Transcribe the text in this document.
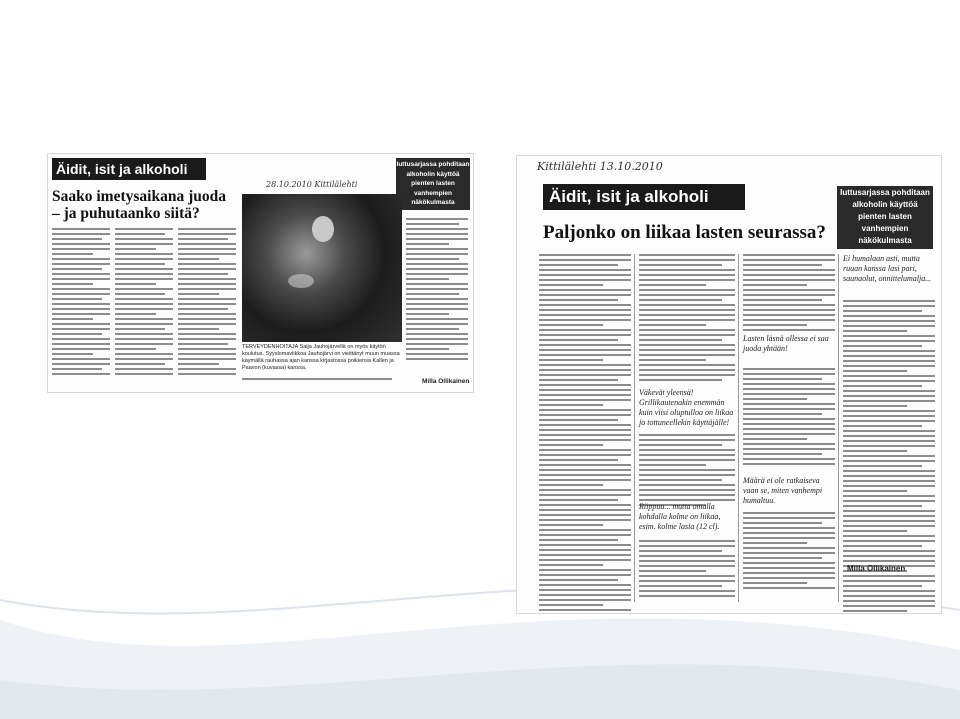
Äidit, isit ja alkoholi
Saako imetysaikana juoda
– ja puhutaanko siitä?
28.10.2010 Kittilälehti
Iuttusarjassa pohditaan
alkoholin käyttöä
pienten lasten
vanhempien
näkökulmasta
TERVEYDENHOITAJA Saija Jauhojärvellä on myös käytön koulutus. Syyslomaviikkoa Jauhojärvi on vieittänyt muun muassa käymällä rauhassa ajan kanssa kirjastossa poikiensa Kallen ja Paavon (kuvassa) kanssa.
Milla Ollikainen
Kittilälehti 13.10.2010
Äidit, isit ja alkoholi	Iuttusarjassa pohditaan
alkoholin käyttöä
pienten lasten
vanhempien
näkökulmasta
Paljonko on liikaa lasten seurassa?
Väkevät yleensä! Grillikautenakin enemmän kuin viisi oluptulloa on liikaa jo tottuneellekin käyttäjälle!
Riippuu... mutta omalla kohdalla kolme on liikaa, esim. kolme lasia (12 cl).
Lasten läsnä ollessa ei saa juoda yhtään!
Määrä ei ole ratkaiseva vaan se, miten vanhempi humaltuu.
Ei humalaan asti, mutta ruuan kanssa lasi pari, saunaolut, onnittelumalja...
Milla Ollikainen
